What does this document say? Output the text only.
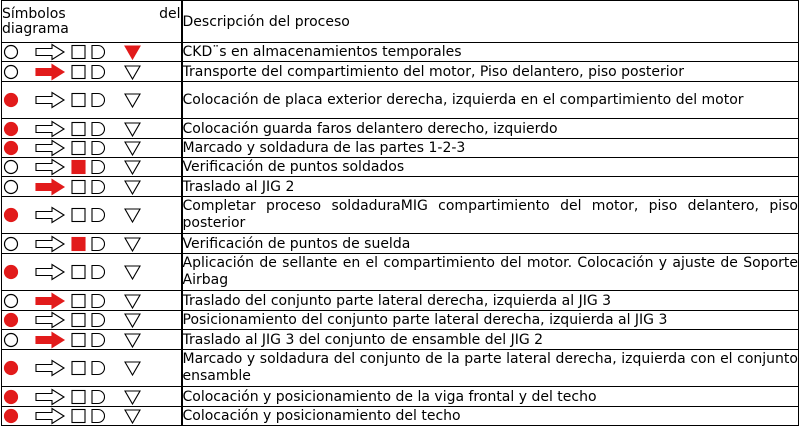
Símbolos del
diagrama	Descripción del proceso

	CKD¨s en almacenamientos temporales

	Transporte del compartimiento del motor, Piso delantero, piso posterior

	Colocación de placa exterior derecha, izquierda en el compartimiento del motor

	Colocación guarda faros delantero derecho, izquierdo

	Marcado y soldadura de las partes 1-2-3

	Verificación de puntos soldados

	Traslado al JIG 2

	Completar proceso soldaduraMIG compartimiento del motor, piso delantero, piso posterior

	Verificación de puntos de suelda

	Aplicación de sellante en el compartimiento del motor. Colocación y ajuste de Soporte Airbag

	Traslado del conjunto parte lateral derecha, izquierda al JIG 3

	Posicionamiento del conjunto parte lateral derecha, izquierda al JIG 3

	Traslado al JIG 3 del conjunto de ensamble del JIG 2

	Marcado y soldadura del conjunto de la parte lateral derecha, izquierda con el conjunto ensamble

	Colocación y posicionamiento de la viga frontal y del techo

	Colocación y posicionamiento del techo
